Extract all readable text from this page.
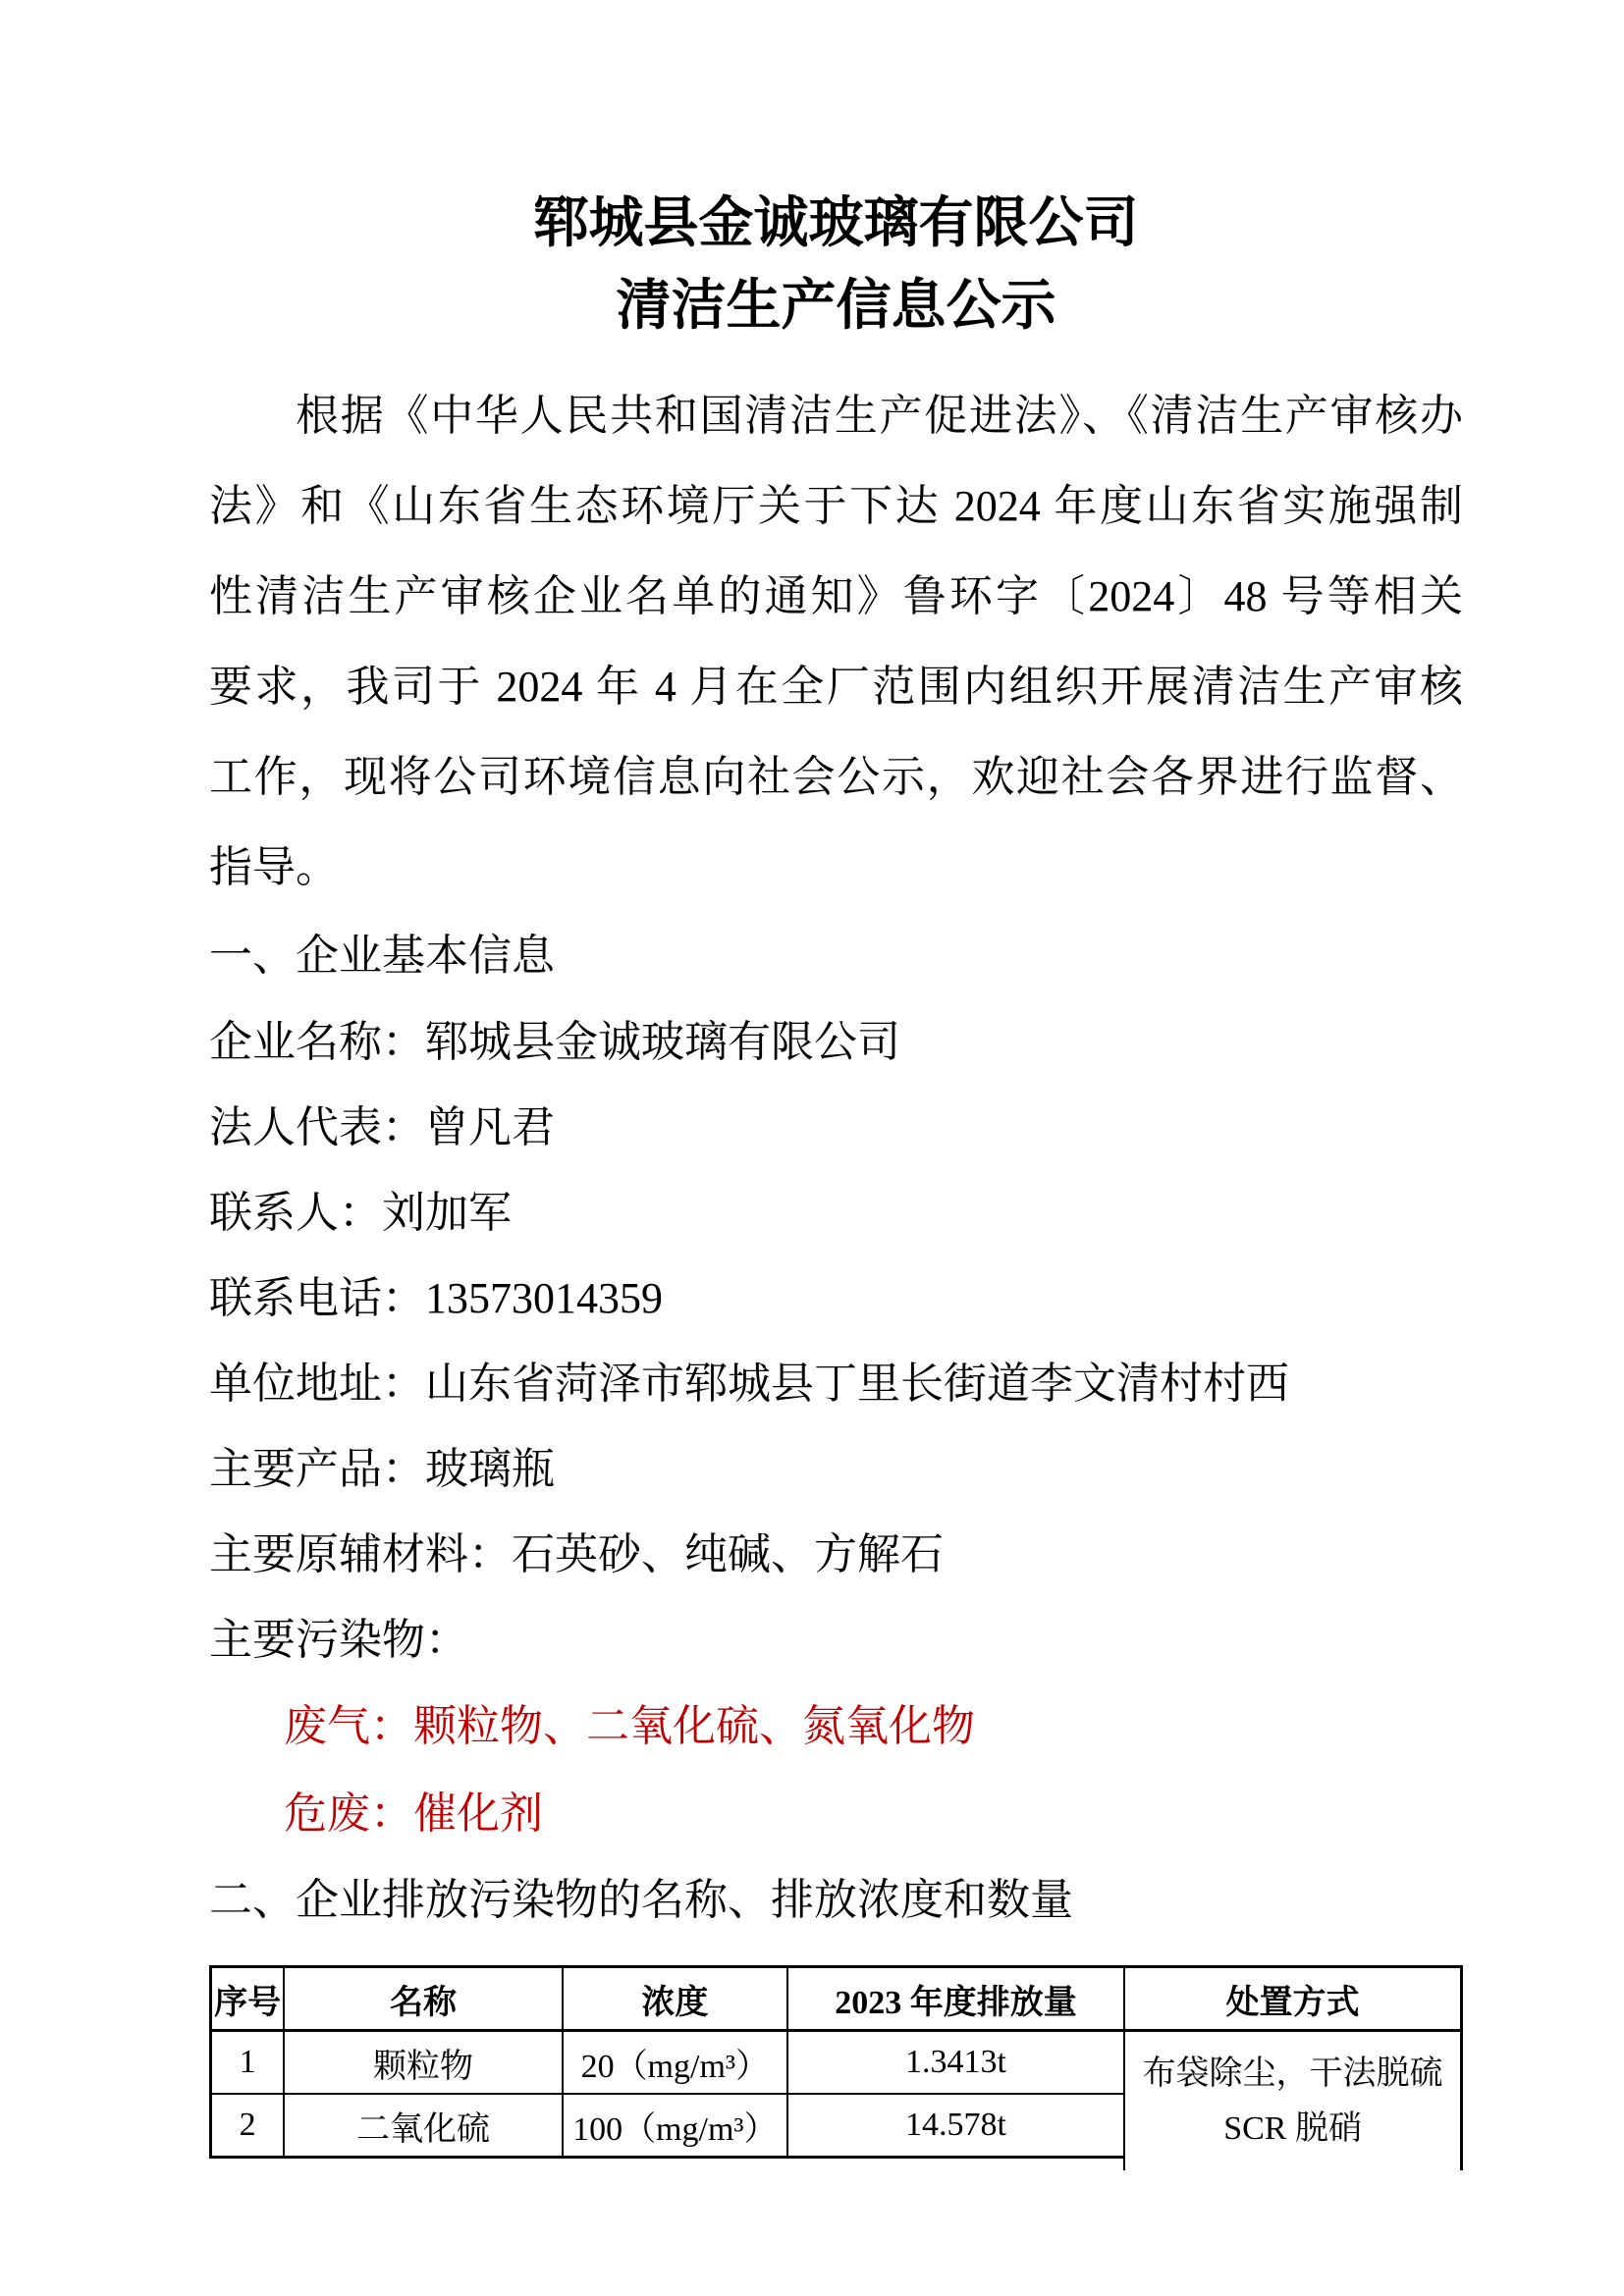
郓城县金诚玻璃有限公司
清洁生产信息公示
根据《中华人民共和国清洁生产促进法》、《清洁生产审核办
法》和《山东省生态环境厅关于下达 2024 年度山东省实施强制
性清洁生产审核企业名单的通知》鲁环字〔2024〕48 号等相关
要求，我司于 2024 年 4 月在全厂范围内组织开展清洁生产审核
工作，现将公司环境信息向社会公示，欢迎社会各界进行监督、
指导。
一、企业基本信息
企业名称：郓城县金诚玻璃有限公司
法人代表：曾凡君
联系人：刘加军
联系电话：13573014359
单位地址：山东省菏泽市郓城县丁里长街道李文清村村西
主要产品：玻璃瓶
主要原辅材料：石英砂、纯碱、方解石
主要污染物：
废气：颗粒物、二氧化硫、氮氧化物
危废：催化剂
二、企业排放污染物的名称、排放浓度和数量
序号	名称	浓度	2023 年度排放量	处置方式
1	颗粒物	20（mg/m³）	1.3413t	布袋除尘，干法脱硫
SCR 脱硝

2	二氧化硫	100（mg/m³）	14.578t	
